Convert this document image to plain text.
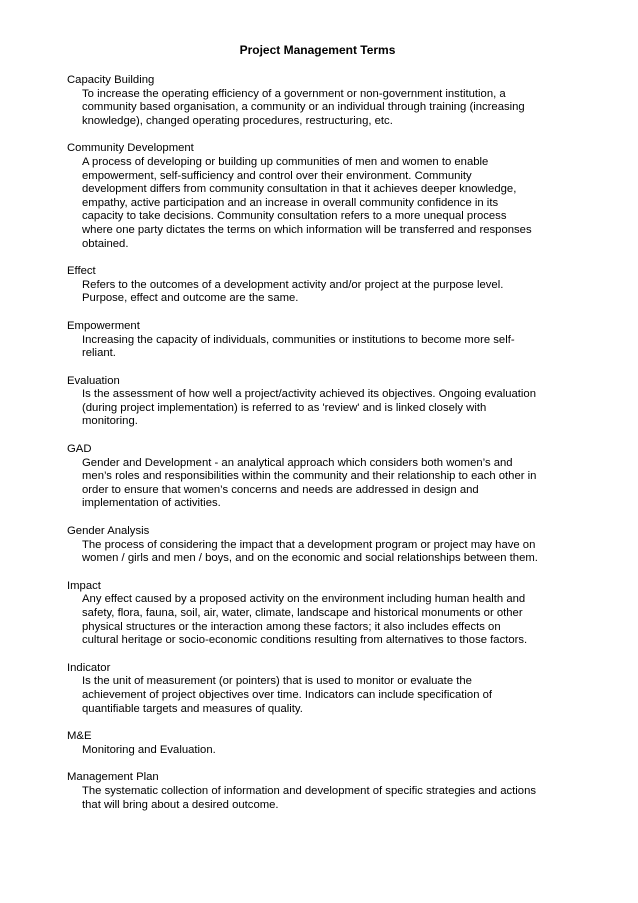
Project Management Terms
Capacity Building
To increase the operating efficiency of a government or non-government institution, a
community based organisation, a community or an individual through training (increasing
knowledge), changed operating procedures, restructuring, etc.
Community Development
A process of developing or building up communities of men and women to enable
empowerment, self-sufficiency and control over their environment. Community
development differs from community consultation in that it achieves deeper knowledge,
empathy, active participation and an increase in overall community confidence in its
capacity to take decisions. Community consultation refers to a more unequal process
where one party dictates the terms on which information will be transferred and responses
obtained.
Effect
Refers to the outcomes of a development activity and/or project at the purpose level.
Purpose, effect and outcome are the same.
Empowerment
Increasing the capacity of individuals, communities or institutions to become more self-
reliant.
Evaluation
Is the assessment of how well a project/activity achieved its objectives. Ongoing evaluation
(during project implementation) is referred to as 'review' and is linked closely with
monitoring.
GAD
Gender and Development - an analytical approach which considers both women’s and
men’s roles and responsibilities within the community and their relationship to each other in
order to ensure that women’s concerns and needs are addressed in design and
implementation of activities.
Gender Analysis
The process of considering the impact that a development program or project may have on
women / girls and men / boys, and on the economic and social relationships between them.
Impact
Any effect caused by a proposed activity on the environment including human health and
safety, flora, fauna, soil, air, water, climate, landscape and historical monuments or other
physical structures or the interaction among these factors; it also includes effects on
cultural heritage or socio-economic conditions resulting from alternatives to those factors.
Indicator
Is the unit of measurement (or pointers) that is used to monitor or evaluate the
achievement of project objectives over time. Indicators can include specification of
quantifiable targets and measures of quality.
M&E
Monitoring and Evaluation.
Management Plan
The systematic collection of information and development of specific strategies and actions
that will bring about a desired outcome.
